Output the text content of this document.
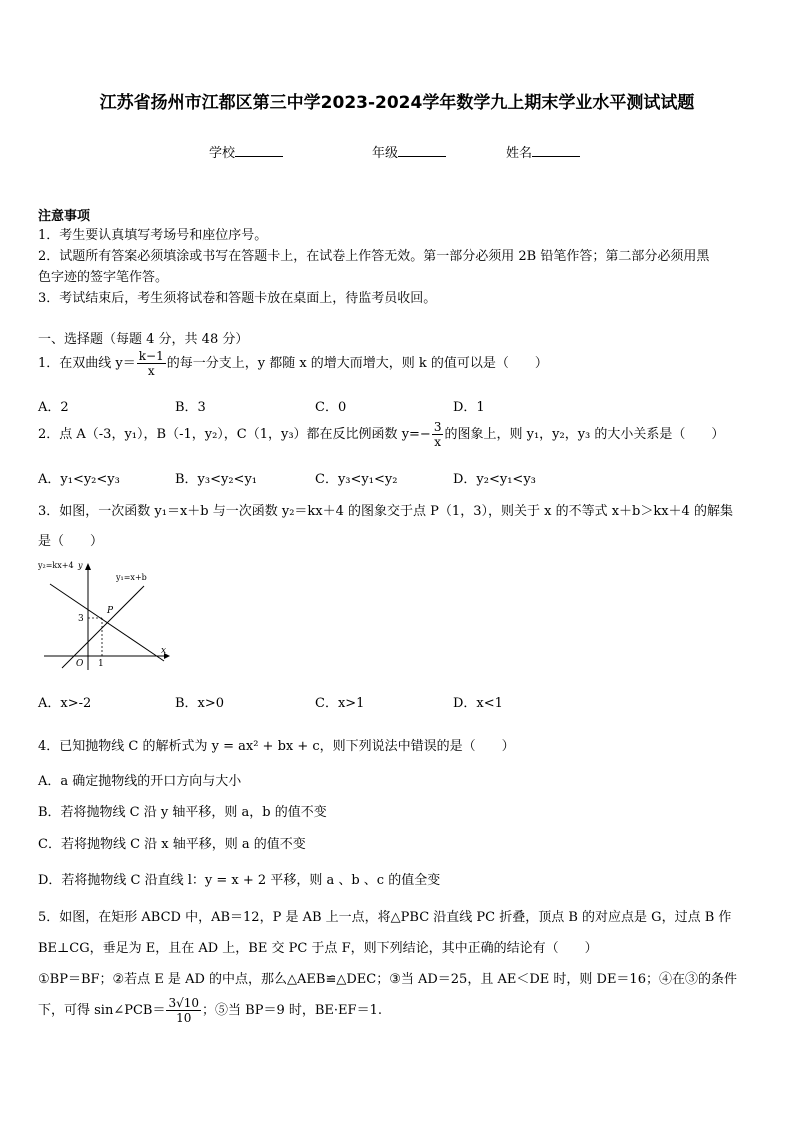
江苏省扬州市江都区第三中学2023-2024学年数学九上期末学业水平测试试题
学校	年级	姓名
注意事项
1．考生要认真填写考场号和座位序号。
2．试题所有答案必须填涂或书写在答题卡上，在试卷上作答无效。第一部分必须用 2B 铅笔作答；第二部分必须用黑
色字迹的签字笔作答。
3．考试结束后，考生须将试卷和答题卡放在桌面上，待监考员收回。
一、选择题（每题 4 分，共 48 分）
1．在双曲线 $y= \frac{k-1}{x}$ 的每一分支上，y 都随 x 的增大而增大，则 k 的值可以是（　　）
A．2	B．3	C．0	D．1
2．点 A（-3，y₁），B（-1，y₂），C（1，y₃）都在反比例函数 $y=- \frac{3}{x}$ 的图象上，则 y₁，y₂，y₃ 的大小关系是（　　）
A．y₁<y₂<y₃	B．y₃<y₂<y₁	C．y₃<y₁<y₂	D．y₂<y₁<y₃
3．如图，一次函数 y₁＝x＋b 与一次函数 y₂＝kx＋4 的图象交于点 P（1，3），则关于 x 的不等式 x＋b＞kx＋4 的解集
是（　　）
y₂=kx+4 y
y₁=x+b
P
3
O 1
x
A．x>-2	B．x>0	C．x>1	D．x<1
4．已知抛物线 C 的解析式为 y = ax² + bx + c，则下列说法中错误的是（　　）
A．a 确定抛物线的开口方向与大小
B．若将抛物线 C 沿 y 轴平移，则 a，b 的值不变
C．若将抛物线 C 沿 x 轴平移，则 a 的值不变
D．若将抛物线 C 沿直线 l：y = x + 2 平移，则 a 、b 、c 的值全变
5．如图，在矩形 ABCD 中，AB＝12，P 是 AB 上一点，将△PBC 沿直线 PC 折叠，顶点 B 的对应点是 G，过点 B 作
BE⊥CG，垂足为 E，且在 AD 上，BE 交 PC 于点 F，则下列结论，其中正确的结论有（　　）
①BP＝BF；②若点 E 是 AD 的中点，那么△AEB≌△DEC；③当 AD＝25，且 AE＜DE 时，则 DE＝16；④在③的条件
下，可得 sin∠PCB＝ $\frac{3√10}{10}$ ；⑤当 BP＝9 时，BE·EF＝1.
